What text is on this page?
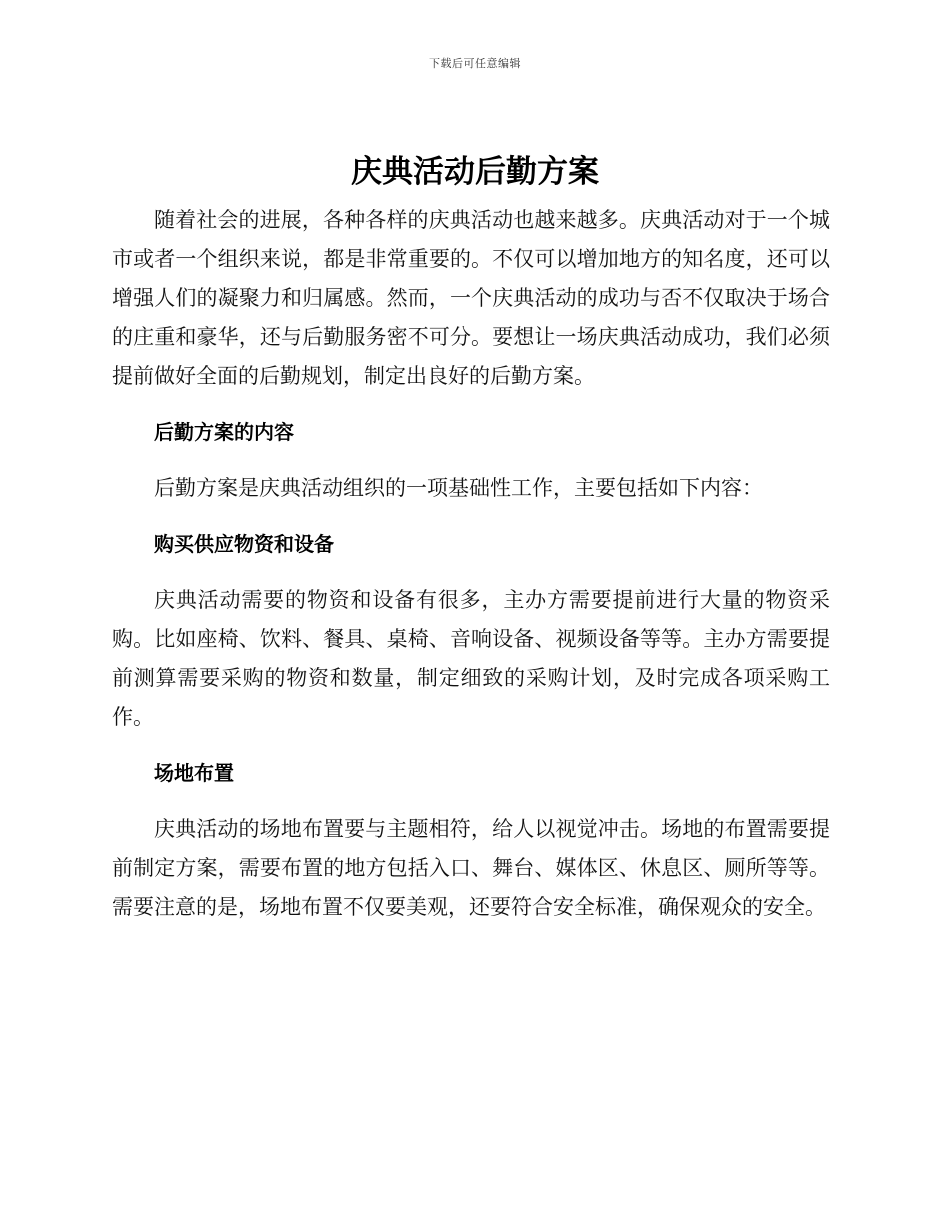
下载后可任意编辑
庆典活动后勤方案

随着社会的进展，各种各样的庆典活动也越来越多。庆典活动对于一个城市或者一个组织来说，都是非常重要的。不仅可以增加地方的知名度，还可以增强人们的凝聚力和归属感。然而，一个庆典活动的成功与否不仅取决于场合的庄重和豪华，还与后勤服务密不可分。要想让一场庆典活动成功，我们必须提前做好全面的后勤规划，制定出良好的后勤方案。

后勤方案的内容

后勤方案是庆典活动组织的一项基础性工作，主要包括如下内容：

购买供应物资和设备

庆典活动需要的物资和设备有很多，主办方需要提前进行大量的物资采购。比如座椅、饮料、餐具、桌椅、音响设备、视频设备等等。主办方需要提前测算需要采购的物资和数量，制定细致的采购计划，及时完成各项采购工作。

场地布置

庆典活动的场地布置要与主题相符，给人以视觉冲击。场地的布置需要提前制定方案，需要布置的地方包括入口、舞台、媒体区、休息区、厕所等等。需要注意的是，场地布置不仅要美观，还要符合安全标准，确保观众的安全。
